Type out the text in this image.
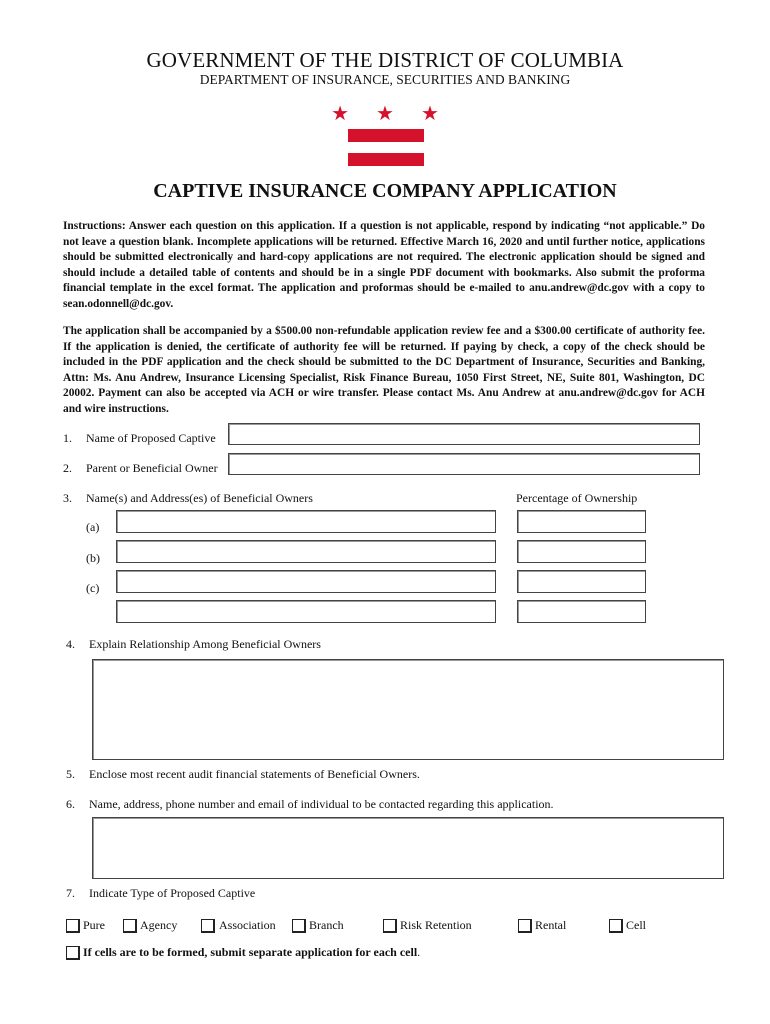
GOVERNMENT OF THE DISTRICT OF COLUMBIA
DEPARTMENT OF INSURANCE, SECURITIES AND BANKING
★ ★ ★
CAPTIVE INSURANCE COMPANY APPLICATION
Instructions: Answer each question on this application. If a question is not applicable, respond by indicating “not applicable.” Do not leave a question blank. Incomplete applications will be returned. Effective March 16, 2020 and until further notice, applications should be submitted electronically and hard-copy applications are not required. The electronic application should be signed and should include a detailed table of contents and should be in a single PDF document with bookmarks. Also submit the proforma financial template in the excel format. The application and proformas should be e-mailed to anu.andrew@dc.gov with a copy to sean.odonnell@dc.gov.
The application shall be accompanied by a $500.00 non-refundable application review fee and a $300.00 certificate of authority fee. If the application is denied, the certificate of authority fee will be returned. If paying by check, a copy of the check should be included in the PDF application and the check should be submitted to the DC Department of Insurance, Securities and Banking, Attn: Ms. Anu Andrew, Insurance Licensing Specialist, Risk Finance Bureau, 1050 First Street, NE, Suite 801, Washington, DC 20002. Payment can also be accepted via ACH or wire transfer. Please contact Ms. Anu Andrew at anu.andrew@dc.gov for ACH and wire instructions.
1. Name of Proposed Captive
2. Parent or Beneficial Owner
3. Name(s) and Address(es) of Beneficial Owners	Percentage of Ownership
(a)
(b)
(c)
4. Explain Relationship Among Beneficial Owners
5. Enclose most recent audit financial statements of Beneficial Owners.
6. Name, address, phone number and email of individual to be contacted regarding this application.
7. Indicate Type of Proposed Captive
Pure	Agency	Association	Branch	Risk Retention	Rental	Cell
If cells are to be formed, submit separate application for each cell .
